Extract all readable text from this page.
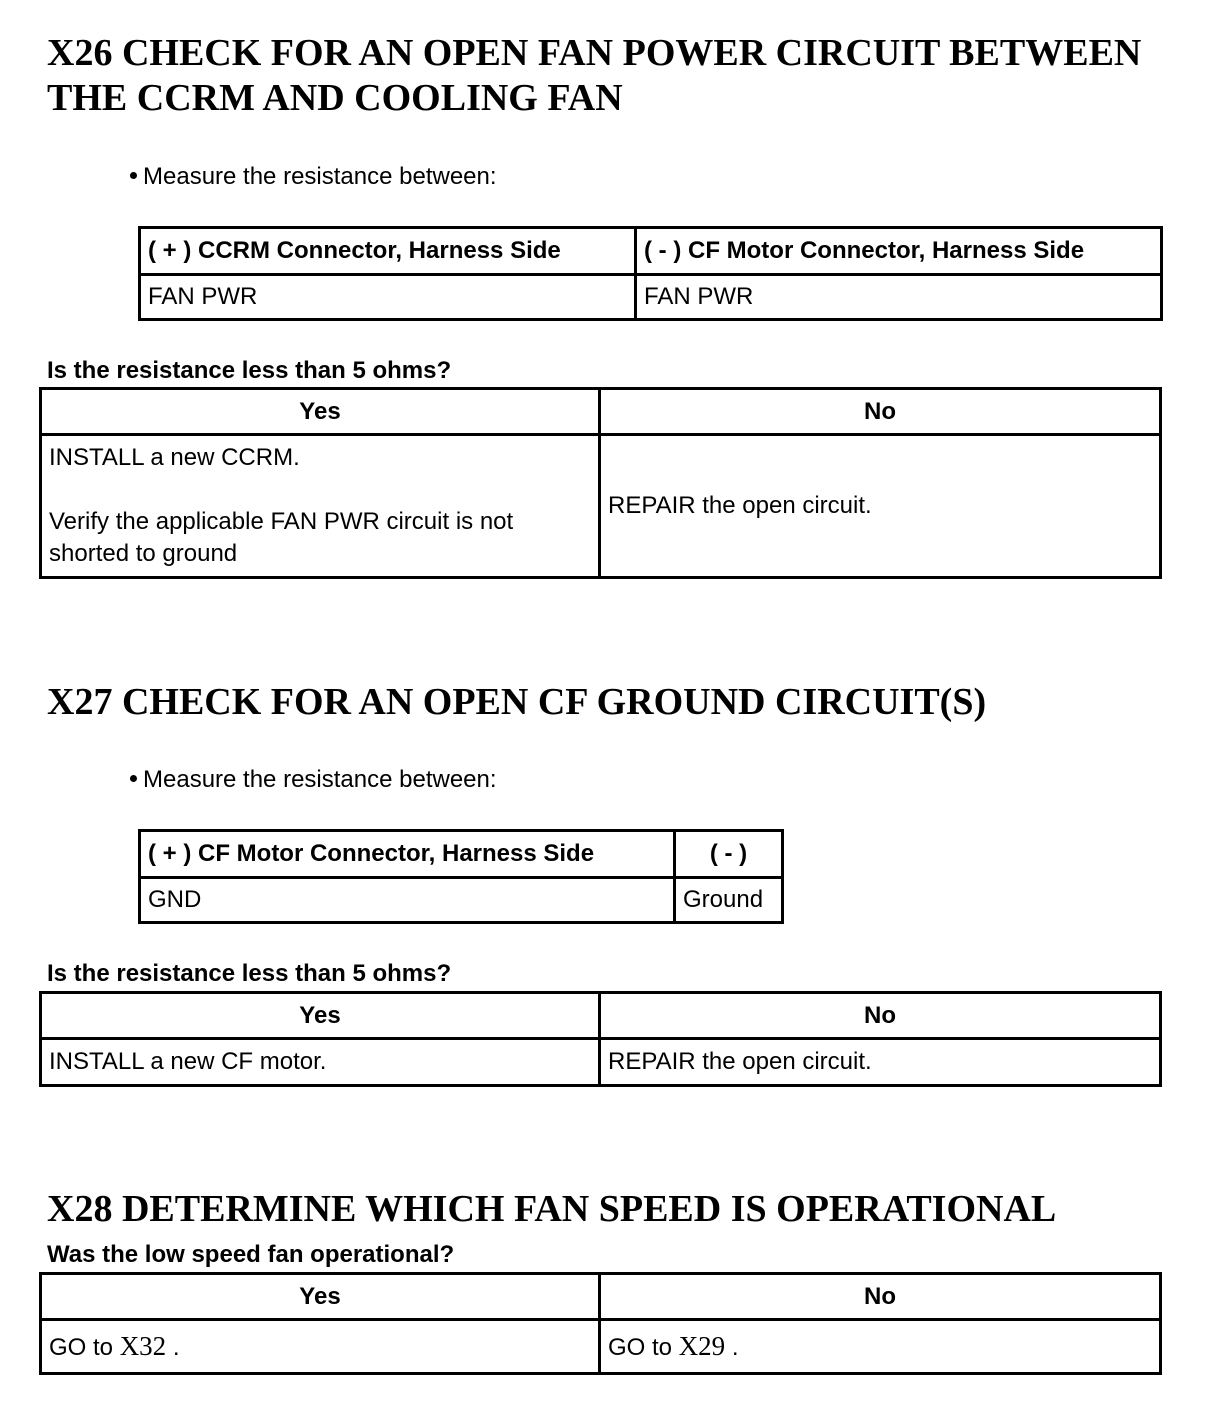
X26 CHECK FOR AN OPEN FAN POWER CIRCUIT BETWEEN THE CCRM AND COOLING FAN
Measure the resistance between:
( + ) CCRM Connector, Harness Side	( - ) CF Motor Connector, Harness Side
FAN PWR	FAN PWR
Is the resistance less than 5 ohms?
Yes	No

INSTALL a new CCRM.

Verify the applicable FAN PWR circuit is not shorted to ground	REPAIR the open circuit.
X27 CHECK FOR AN OPEN CF GROUND CIRCUIT(S)
Measure the resistance between:
( + ) CF Motor Connector, Harness Side	( - )
GND	Ground
Is the resistance less than 5 ohms?
Yes	No
INSTALL a new CF motor.	REPAIR the open circuit.
X28 DETERMINE WHICH FAN SPEED IS OPERATIONAL
Was the low speed fan operational?
Yes	No
GO to X32 .	GO to X29 .
